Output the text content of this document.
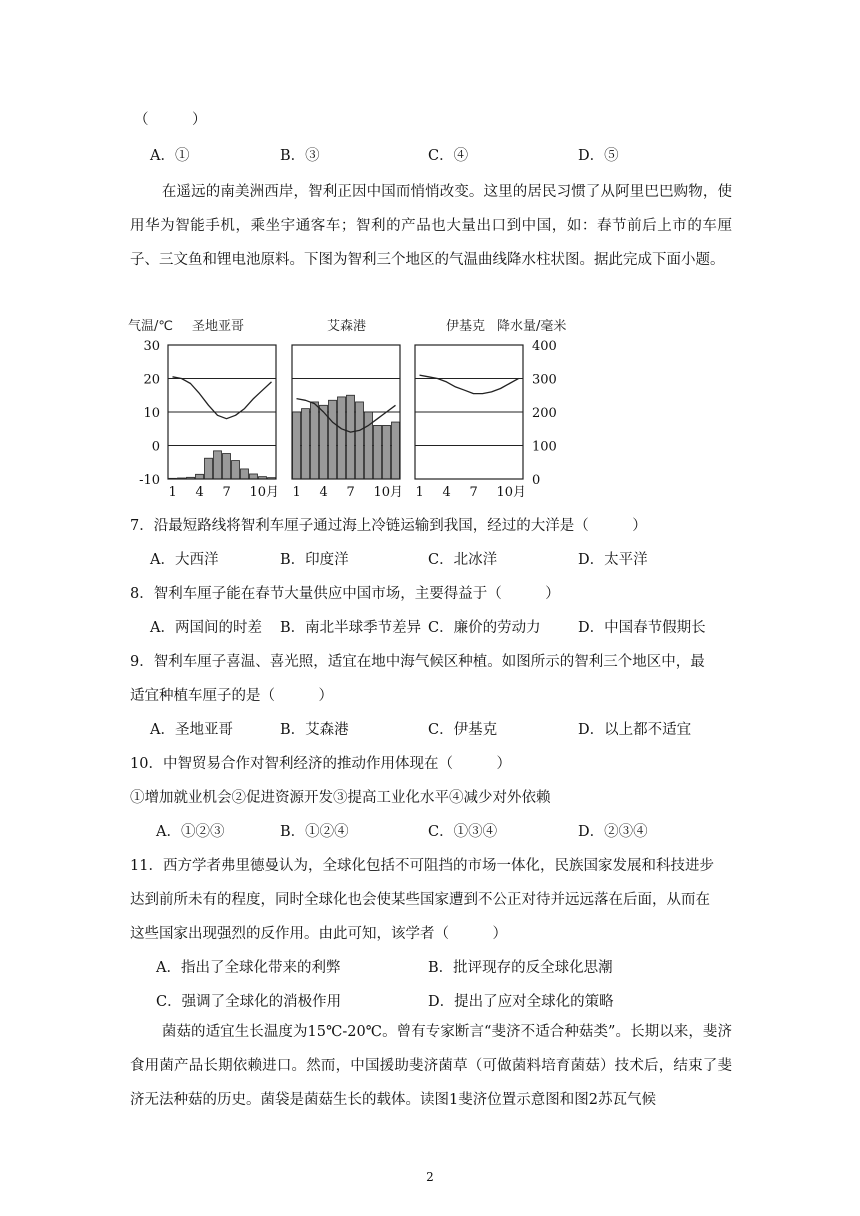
（　　　）
A．①	B．③	C．④	D．⑤
在遥远的南美洲西岸，智利正因中国而悄悄改变。这里的居民习惯了从阿里巴巴购物，使用华为智能手机，乘坐宇通客车；智利的产品也大量出口到中国，如：春节前后上市的车厘子、三文鱼和锂电池原料。下图为智利三个地区的气温曲线降水柱状图。据此完成下面小题。
气温/℃ 圣地亚哥	艾森港	伊基克 降水量/毫米
30
20
10
0
-10
400
300
200
100
0
1 4 7 10月 1 4 7 10月 1 4 7 10月
7．沿最短路线将智利车厘子通过海上冷链运输到我国，经过的大洋是（　　　）
A．大西洋	B．印度洋	C．北冰洋	D．太平洋
8．智利车厘子能在春节大量供应中国市场，主要得益于（　　　）
A．两国间的时差 B．南北半球季节差异 C．廉价的劳动力	D．中国春节假期长
9．智利车厘子喜温、喜光照，适宜在地中海气候区种植。如图所示的智利三个地区中，最
适宜种植车厘子的是（　　　）
A．圣地亚哥	B．艾森港	C．伊基克	D．以上都不适宜
10．中智贸易合作对智利经济的推动作用体现在（　　　）
①增加就业机会②促进资源开发③提高工业化水平④减少对外依赖
A．①②③	B．①②④	C．①③④	D．②③④
11．西方学者弗里德曼认为，全球化包括不可阻挡的市场一体化，民族国家发展和科技进步
达到前所未有的程度，同时全球化也会使某些国家遭到不公正对待并远远落在后面，从而在
这些国家出现强烈的反作用。由此可知，该学者（　　　）
A．指出了全球化带来的利弊	B．批评现存的反全球化思潮
C．强调了全球化的消极作用	D．提出了应对全球化的策略
菌菇的适宜生长温度为15℃-20℃。曾有专家断言“斐济不适合种菇类”。长期以来，斐济食用菌产品长期依赖进口。然而，中国援助斐济菌草（可做菌料培育菌菇）技术后，结束了斐济无法种菇的历史。菌袋是菌菇生长的载体。读图1斐济位置示意图和图2苏瓦气候
2
